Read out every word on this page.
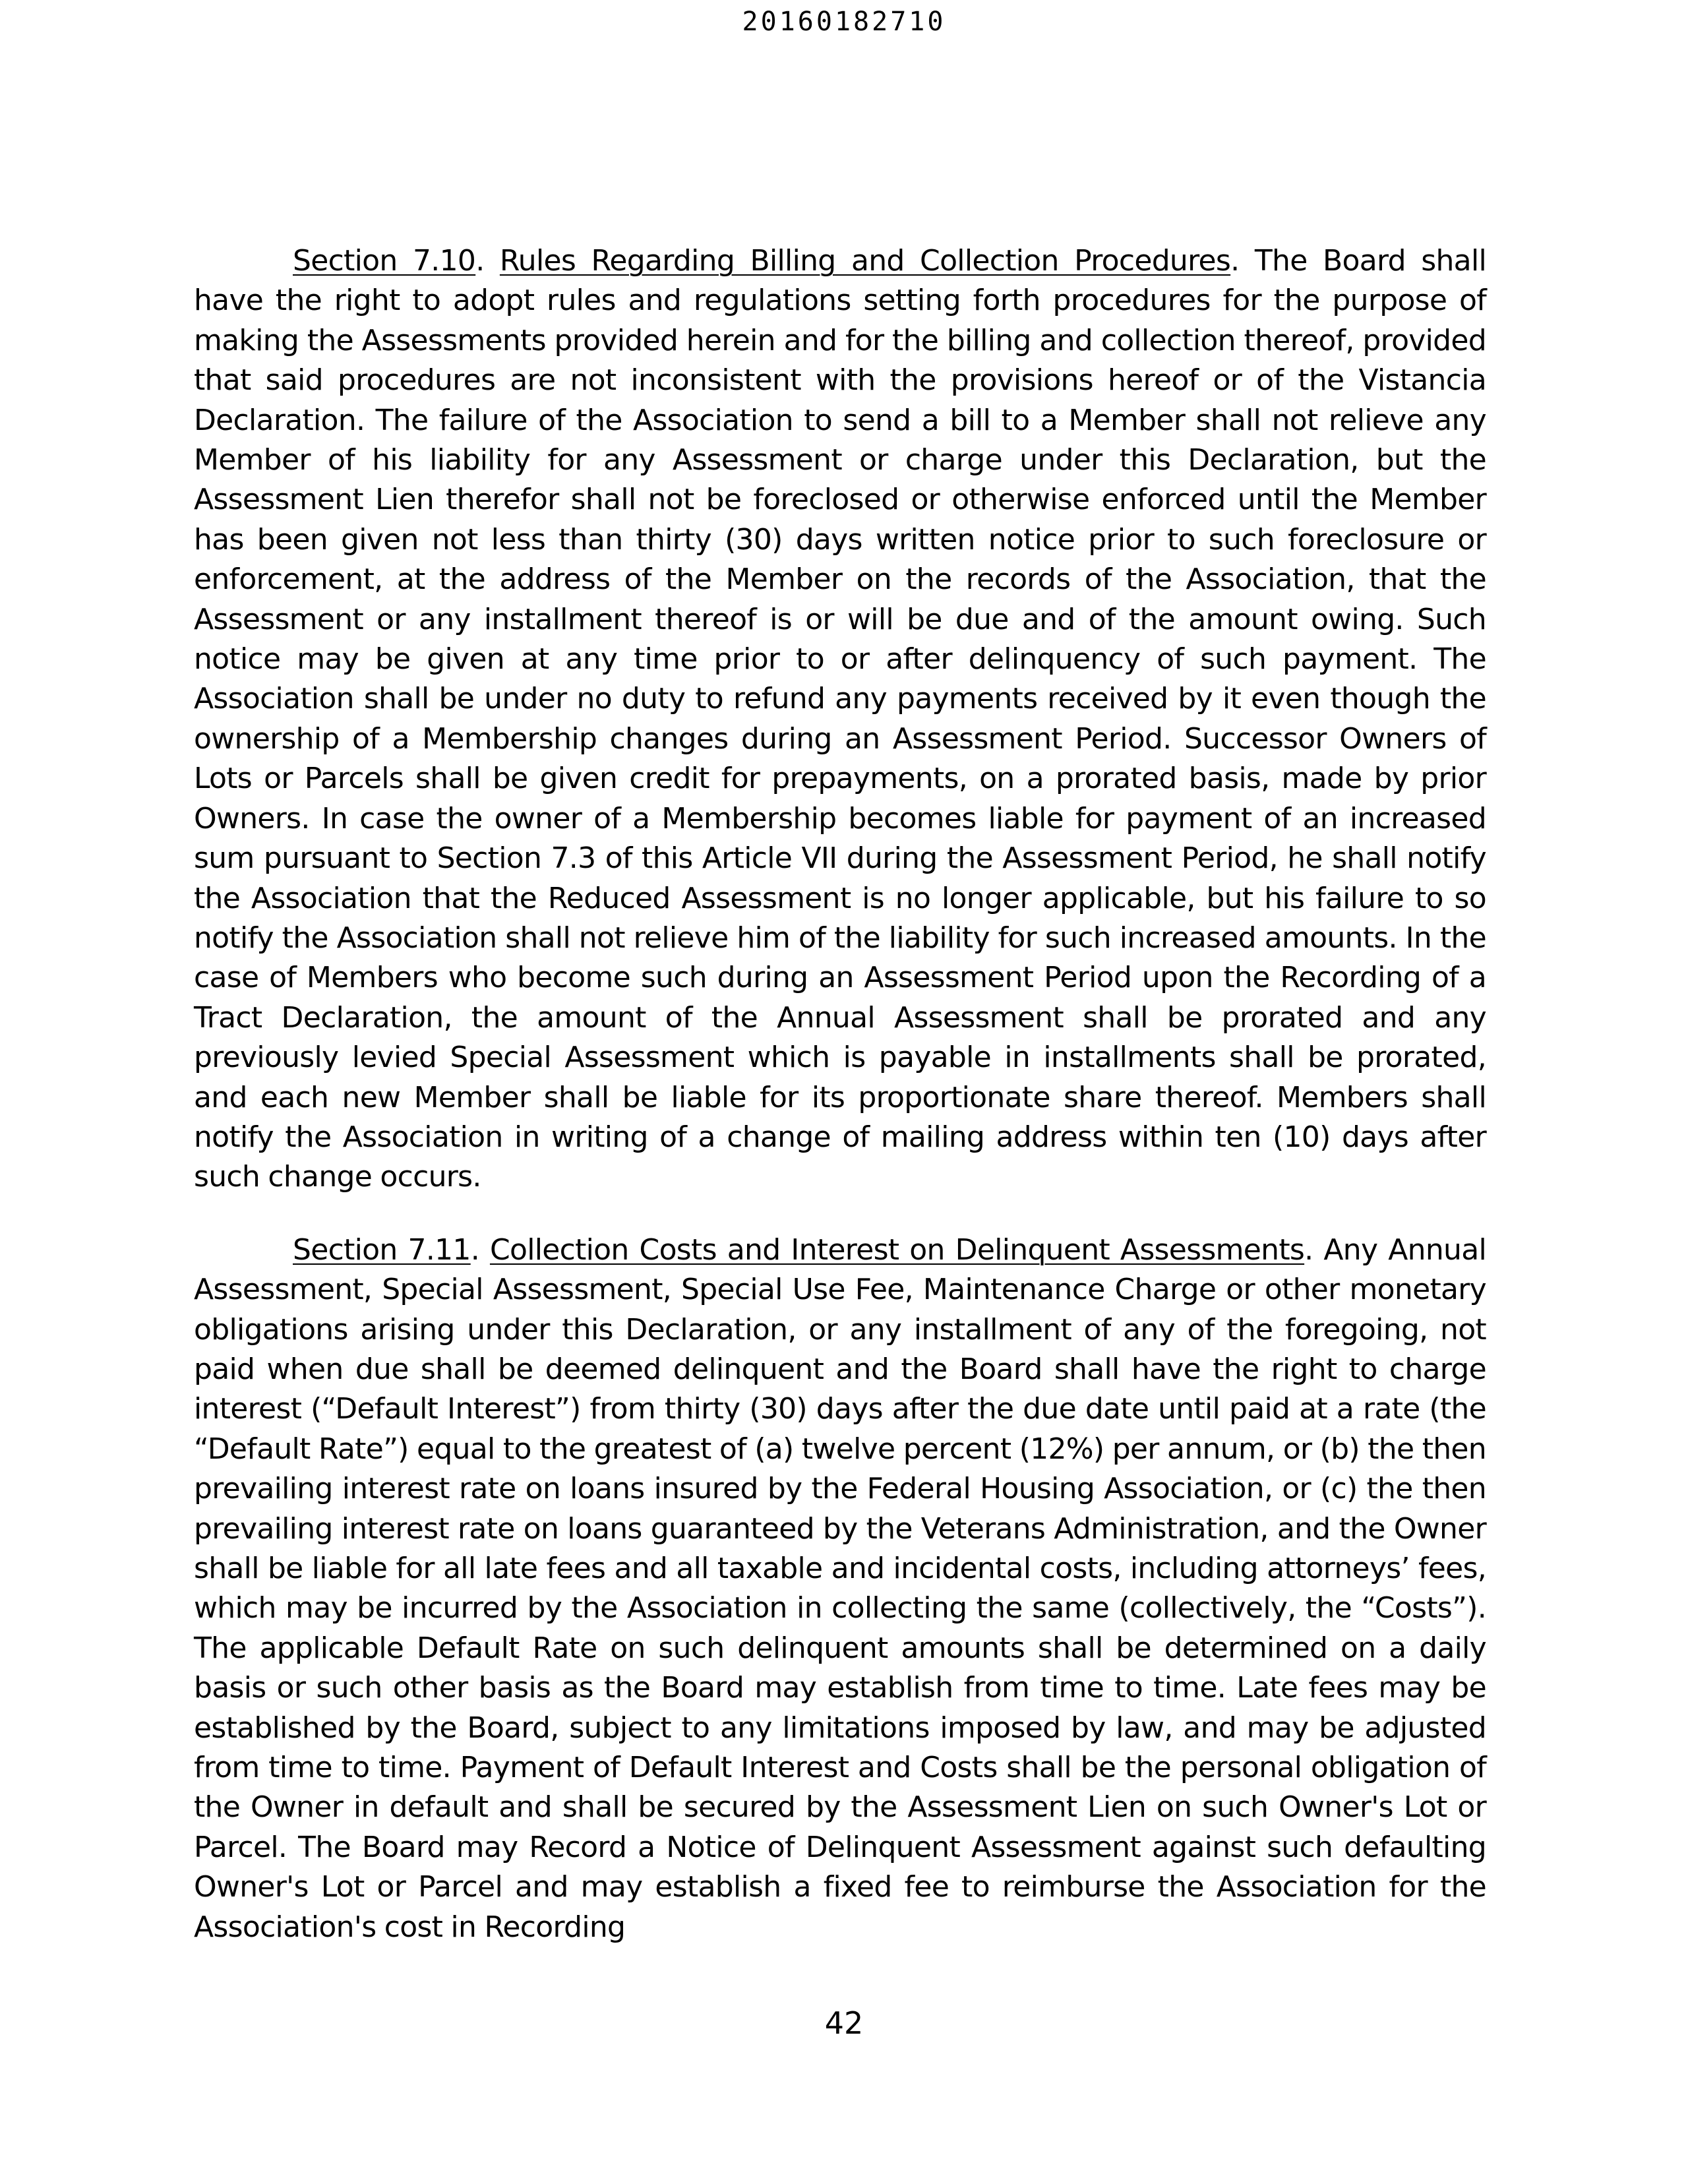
20160182710

Section 7.10. Rules Regarding Billing and Collection Procedures. The Board shall have the right to adopt rules and regulations setting forth procedures for the purpose of making the Assessments provided herein and for the billing and collection thereof, provided that said procedures are not inconsistent with the provisions hereof or of the Vistancia Declaration. The failure of the Association to send a bill to a Member shall not relieve any Member of his liability for any Assessment or charge under this Declaration, but the Assessment Lien therefor shall not be foreclosed or otherwise enforced until the Member has been given not less than thirty (30) days written notice prior to such foreclosure or enforcement, at the address of the Member on the records of the Association, that the Assessment or any installment thereof is or will be due and of the amount owing. Such notice may be given at any time prior to or after delinquency of such payment. The Association shall be under no duty to refund any payments received by it even though the ownership of a Membership changes during an Assessment Period. Successor Owners of Lots or Parcels shall be given credit for prepayments, on a prorated basis, made by prior Owners. In case the owner of a Membership becomes liable for payment of an increased sum pursuant to Section 7.3 of this Article VII during the Assessment Period, he shall notify the Association that the Reduced Assessment is no longer applicable, but his failure to so notify the Association shall not relieve him of the liability for such increased amounts. In the case of Members who become such during an Assessment Period upon the Recording of a Tract Declaration, the amount of the Annual Assessment shall be prorated and any previously levied Special Assessment which is payable in installments shall be prorated, and each new Member shall be liable for its proportionate share thereof. Members shall notify the Association in writing of a change of mailing address within ten (10) days after such change occurs.

Section 7.11. Collection Costs and Interest on Delinquent Assessments. Any Annual Assessment, Special Assessment, Special Use Fee, Maintenance Charge or other monetary obligations arising under this Declaration, or any installment of any of the foregoing, not paid when due shall be deemed delinquent and the Board shall have the right to charge interest (“Default Interest”) from thirty (30) days after the due date until paid at a rate (the “Default Rate”) equal to the greatest of (a) twelve percent (12%) per annum, or (b) the then prevailing interest rate on loans insured by the Federal Housing Association, or (c) the then prevailing interest rate on loans guaranteed by the Veterans Administration, and the Owner shall be liable for all late fees and all taxable and incidental costs, including attorneys’ fees, which may be incurred by the Association in collecting the same (collectively, the “Costs”). The applicable Default Rate on such delinquent amounts shall be determined on a daily basis or such other basis as the Board may establish from time to time. Late fees may be established by the Board, subject to any limitations imposed by law, and may be adjusted from time to time. Payment of Default Interest and Costs shall be the personal obligation of the Owner in default and shall be secured by the Assessment Lien on such Owner's Lot or Parcel. The Board may Record a Notice of Delinquent Assessment against such defaulting Owner's Lot or Parcel and may establish a fixed fee to reimburse the Association for the Association's cost in Recording

42
